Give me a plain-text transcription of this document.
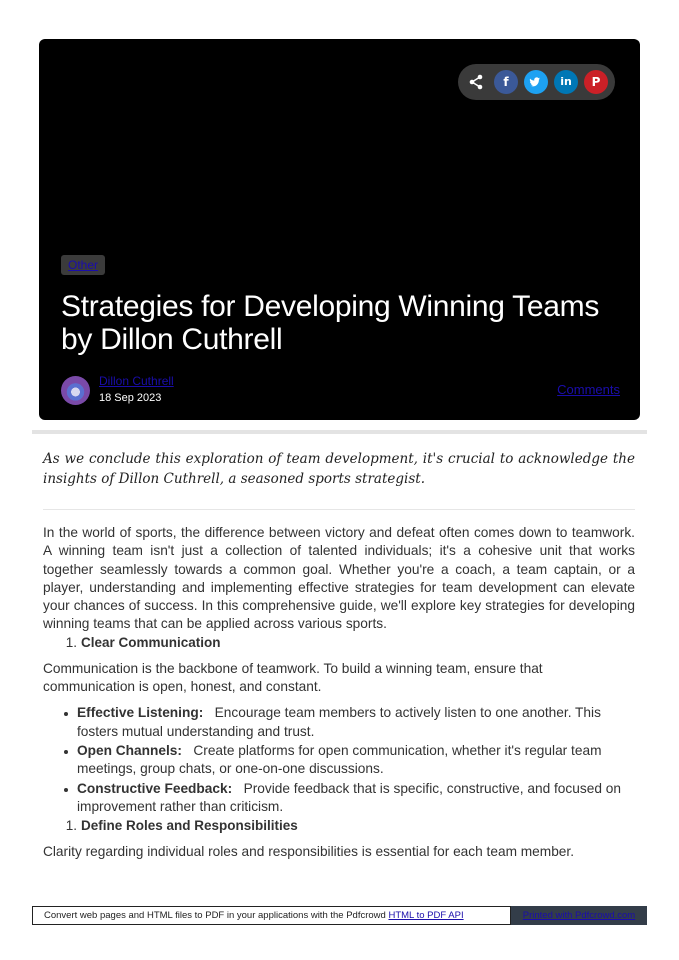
f	in	P
Other
Strategies for Developing Winning Teams by Dillon Cuthrell
Dillon Cuthrell
18 Sep 2023
Comments

As we conclude this exploration of team development, it's crucial to acknowledge the insights of Dillon Cuthrell, a seasoned sports strategist.

In the world of sports, the difference between victory and defeat often comes down to teamwork. A winning team isn't just a collection of talented individuals; it's a cohesive unit that works together seamlessly towards a common goal. Whether you're a coach, a team captain, or a player, understanding and implementing effective strategies for team development can elevate your chances of success. In this comprehensive guide, we'll explore key strategies for developing winning teams that can be applied across various sports.

1. Clear Communication

Communication is the backbone of teamwork. To build a winning team, ensure that communication is open, honest, and constant.

Effective Listening: Encourage team members to actively listen to one another. This fosters mutual understanding and trust.
Open Channels: Create platforms for open communication, whether it's regular team meetings, group chats, or one-on-one discussions.
Constructive Feedback: Provide feedback that is specific, constructive, and focused on improvement rather than criticism.

1. Define Roles and Responsibilities

Clarity regarding individual roles and responsibilities is essential for each team member.

Convert web pages and HTML files to PDF in your applications with the Pdfcrowd HTML to PDF API	Printed with Pdfcrowd.com
